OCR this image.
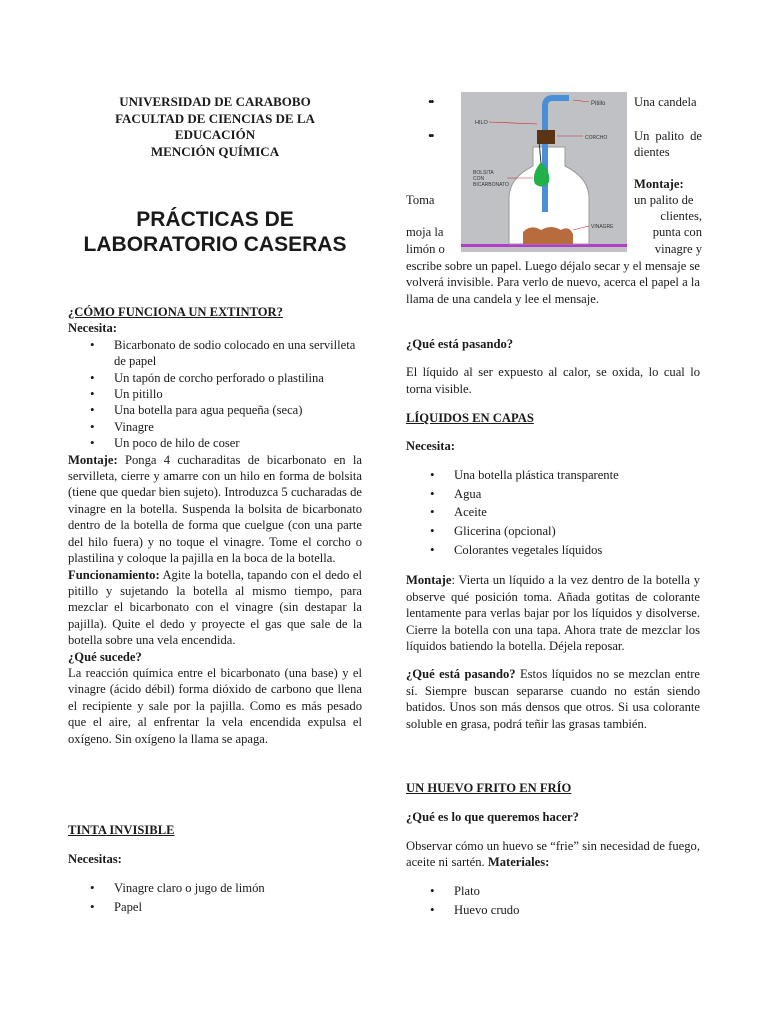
UNIVERSIDAD DE CARABOBO

FACULTAD DE CIENCIAS DE LA

EDUCACIÓN

MENCIÓN QUÍMICA

PRÁCTICAS DE

LABORATORIO CASERAS

¿CÓMO FUNCIONA UN EXTINTOR?

Necesita:

• Bicarbonato de sodio colocado en una servilleta de papel
• Un tapón de corcho perforado o plastilina
• Un pitillo
• Una botella para agua pequeña (seca)
• Vinagre
• Un poco de hilo de coser

Montaje: Ponga 4 cucharaditas de bicarbonato en la servilleta, cierre y amarre con un hilo en forma de bolsita (tiene que quedar bien sujeto). Introduzca 5 cucharadas de vinagre en la botella. Suspenda la bolsita de bicarbonato dentro de la botella de forma que cuelgue (con una parte del hilo fuera) y no toque el vinagre. Tome el corcho o plastilina y coloque la pajilla en la boca de la botella.

Funcionamiento: Agite la botella, tapando con el dedo el pitillo y sujetando la botella al mismo tiempo, para mezclar el bicarbonato con el vinagre (sin destapar la pajilla). Quite el dedo y proyecte el gas que sale de la botella sobre una vela encendida.

¿Qué sucede?

La reacción química entre el bicarbonato (una base) y el vinagre (ácido débil) forma dióxido de carbono que llena el recipiente y sale por la pajilla. Como es más pesado que el aire, al enfrentar la vela encendida expulsa el oxígeno. Sin oxígeno la llama se apaga.

TINTA INVISIBLE

Necesitas:

• Vinagre claro o jugo de limón
• Papel
• •
• •

Una candela

Un palito de dientes

Montaje:

Pitillo
HILO
CORCHO
BOLSITA CON BICARBONATO
VINAGRE

¿Qué está pasando?

El líquido al ser expuesto al calor, se oxida, lo cual lo torna visible.

LÍQUIDOS EN CAPAS

Necesita:

• Una botella plástica transparente
• Agua
• Aceite
• Glicerina (opcional)
• Colorantes vegetales líquidos

Montaje: Vierta un líquido a la vez dentro de la botella y observe qué posición toma. Añada gotitas de colorante lentamente para verlas bajar por los líquidos y disolverse. Cierre la botella con una tapa. Ahora trate de mezclar los líquidos batiendo la botella. Déjela reposar.

¿Qué está pasando? Estos líquidos no se mezclan entre sí. Siempre buscan separarse cuando no están siendo batidos. Unos son más densos que otros. Si usa colorante soluble en grasa, podrá teñir las grasas también.

UN HUEVO FRITO EN FRÍO

¿Qué es lo que queremos hacer?

Observar cómo un huevo se “frie” sin necesidad de fuego, aceite ni sartén. Materiales:

• Plato
• Huevo crudo
Toma	un palito de
clientes,
moja la	punta con
limón o	vinagre y

escribe sobre un papel. Luego déjalo secar y el mensaje se volverá invisible. Para verlo de nuevo, acerca el papel a la llama de una candela y lee el mensaje.
